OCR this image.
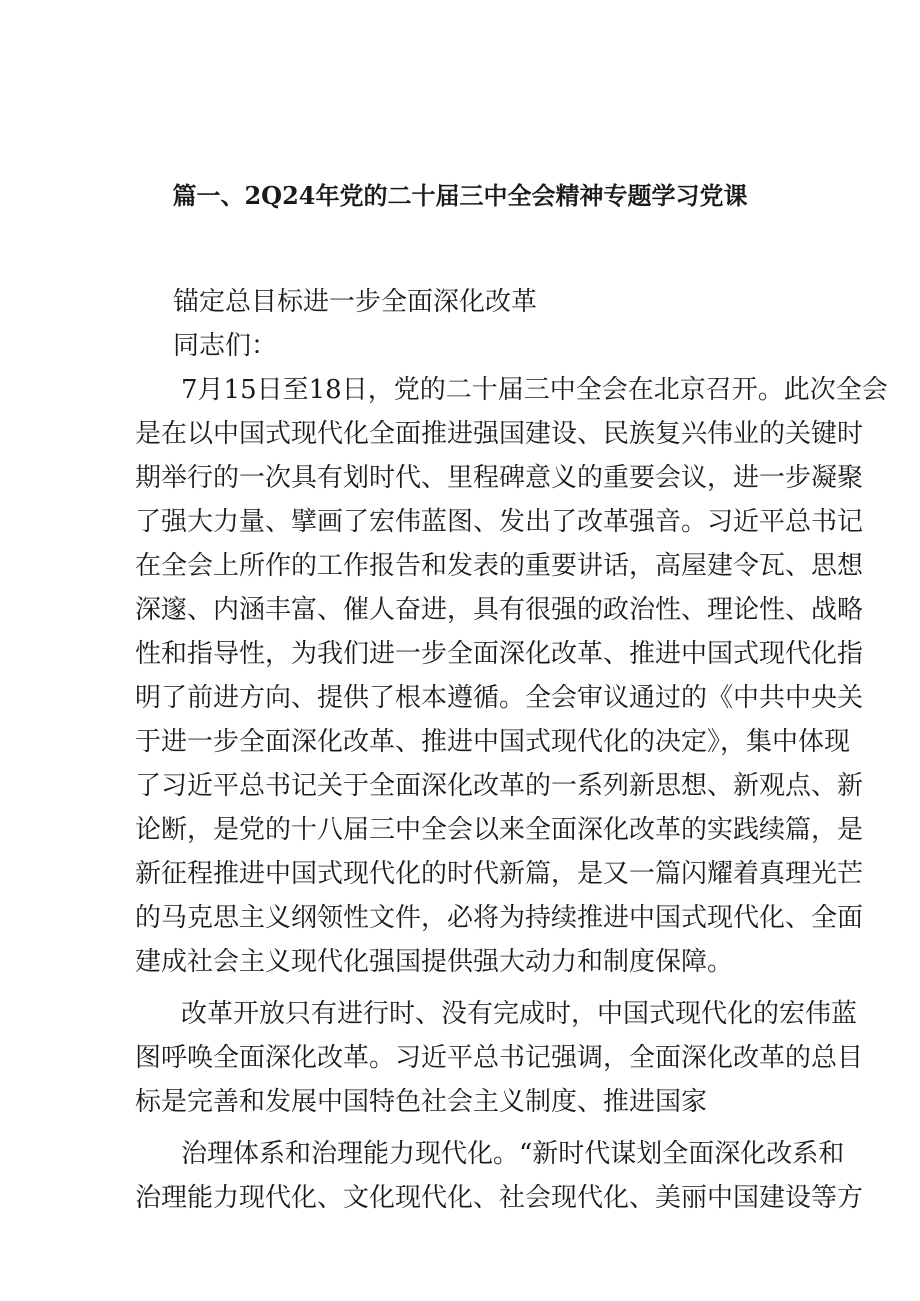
篇一、2Q24年党的二十届三中全会精神专题学习党课
锚定总目标进一步全面深化改革
同志们：
7月15日至18日，党的二十届三中全会在北京召开。此次全会
是在以中国式现代化全面推进强国建设、民族复兴伟业的关键时
期举行的一次具有划时代、里程碑意义的重要会议，进一步凝聚
了强大力量、擘画了宏伟蓝图、发出了改革强音。习近平总书记
在全会上所作的工作报告和发表的重要讲话，高屋建令瓦、思想
深邃、内涵丰富、催人奋进，具有很强的政治性、理论性、战略
性和指导性，为我们进一步全面深化改革、推进中国式现代化指
明了前进方向、提供了根本遵循。全会审议通过的《中共中央关
于进一步全面深化改革、推进中国式现代化的决定》，集中体现
了习近平总书记关于全面深化改革的一系列新思想、新观点、新
论断，是党的十八届三中全会以来全面深化改革的实践续篇，是
新征程推进中国式现代化的时代新篇，是又一篇闪耀着真理光芒
的马克思主义纲领性文件，必将为持续推进中国式现代化、全面
建成社会主义现代化强国提供强大动力和制度保障。
改革开放只有进行时、没有完成时，中国式现代化的宏伟蓝
图呼唤全面深化改革。习近平总书记强调，全面深化改革的总目
标是完善和发展中国特色社会主义制度、推进国家
治理体系和治理能力现代化。“新时代谋划全面深化改系和
治理能力现代化、文化现代化、社会现代化、美丽中国建设等方
